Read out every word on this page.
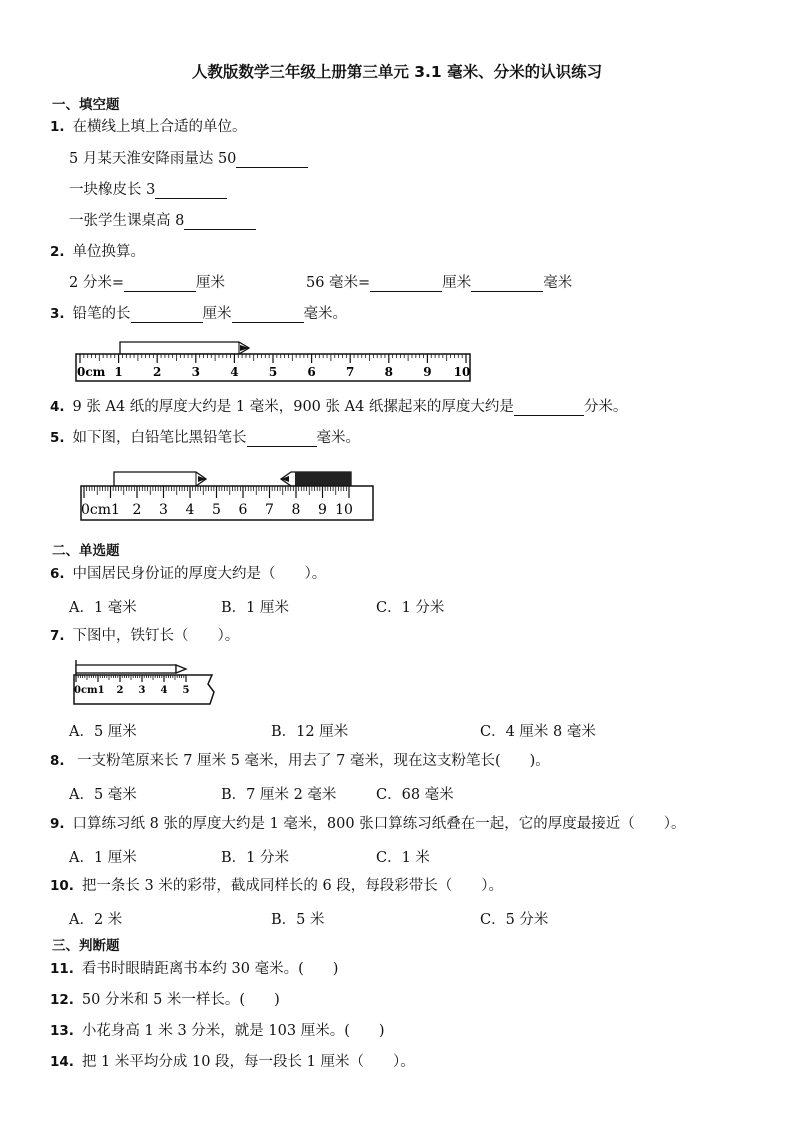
人教版数学三年级上册第三单元 3.1 毫米、分米的认识练习
一、填空题
1. 在横线上填上合适的单位。
5 月某天淮安降雨量达 50
一块橡皮长 3
一张学生课桌高 8
2. 单位换算。
2 分米=	厘米	56 毫米=	厘米	毫米
3. 铅笔的长	厘米	毫米。
0cm 1	2	3	4	5	6	7	8	9 10
4. 9 张 A4 纸的厚度大约是 1 毫米，900 张 A4 纸摞起来的厚度大约是	分米。
5. 如下图，白铅笔比黑铅笔长	毫米。
0cm1 2 3 4 5 6 7 8 9 10
二、单选题
6. 中国居民身份证的厚度大约是（　　）。
A．1 毫米	B．1 厘米	C．1 分米
7. 下图中，铁钉长（　　）。
0cm1 2 3 4 5
A．5 厘米	B．12 厘米	C．4 厘米 8 毫米
8. 一支粉笔原来长 7 厘米 5 毫米，用去了 7 毫米，现在这支粉笔长(　　)。
A．5 毫米	B．7 厘米 2 毫米	C．68 毫米
9. 口算练习纸 8 张的厚度大约是 1 毫米，800 张口算练习纸叠在一起，它的厚度最接近（　　）。
A．1 厘米	B．1 分米	C．1 米
10. 把一条长 3 米的彩带，截成同样长的 6 段，每段彩带长（　　）。
A．2 米	B．5 米	C．5 分米
三、判断题
11. 看书时眼睛距离书本约 30 毫米。(　　)
12. 50 分米和 5 米一样长。(　　)
13. 小花身高 1 米 3 分米，就是 103 厘米。(　　)
14. 把 1 米平均分成 10 段，每一段长 1 厘米（　　）。
